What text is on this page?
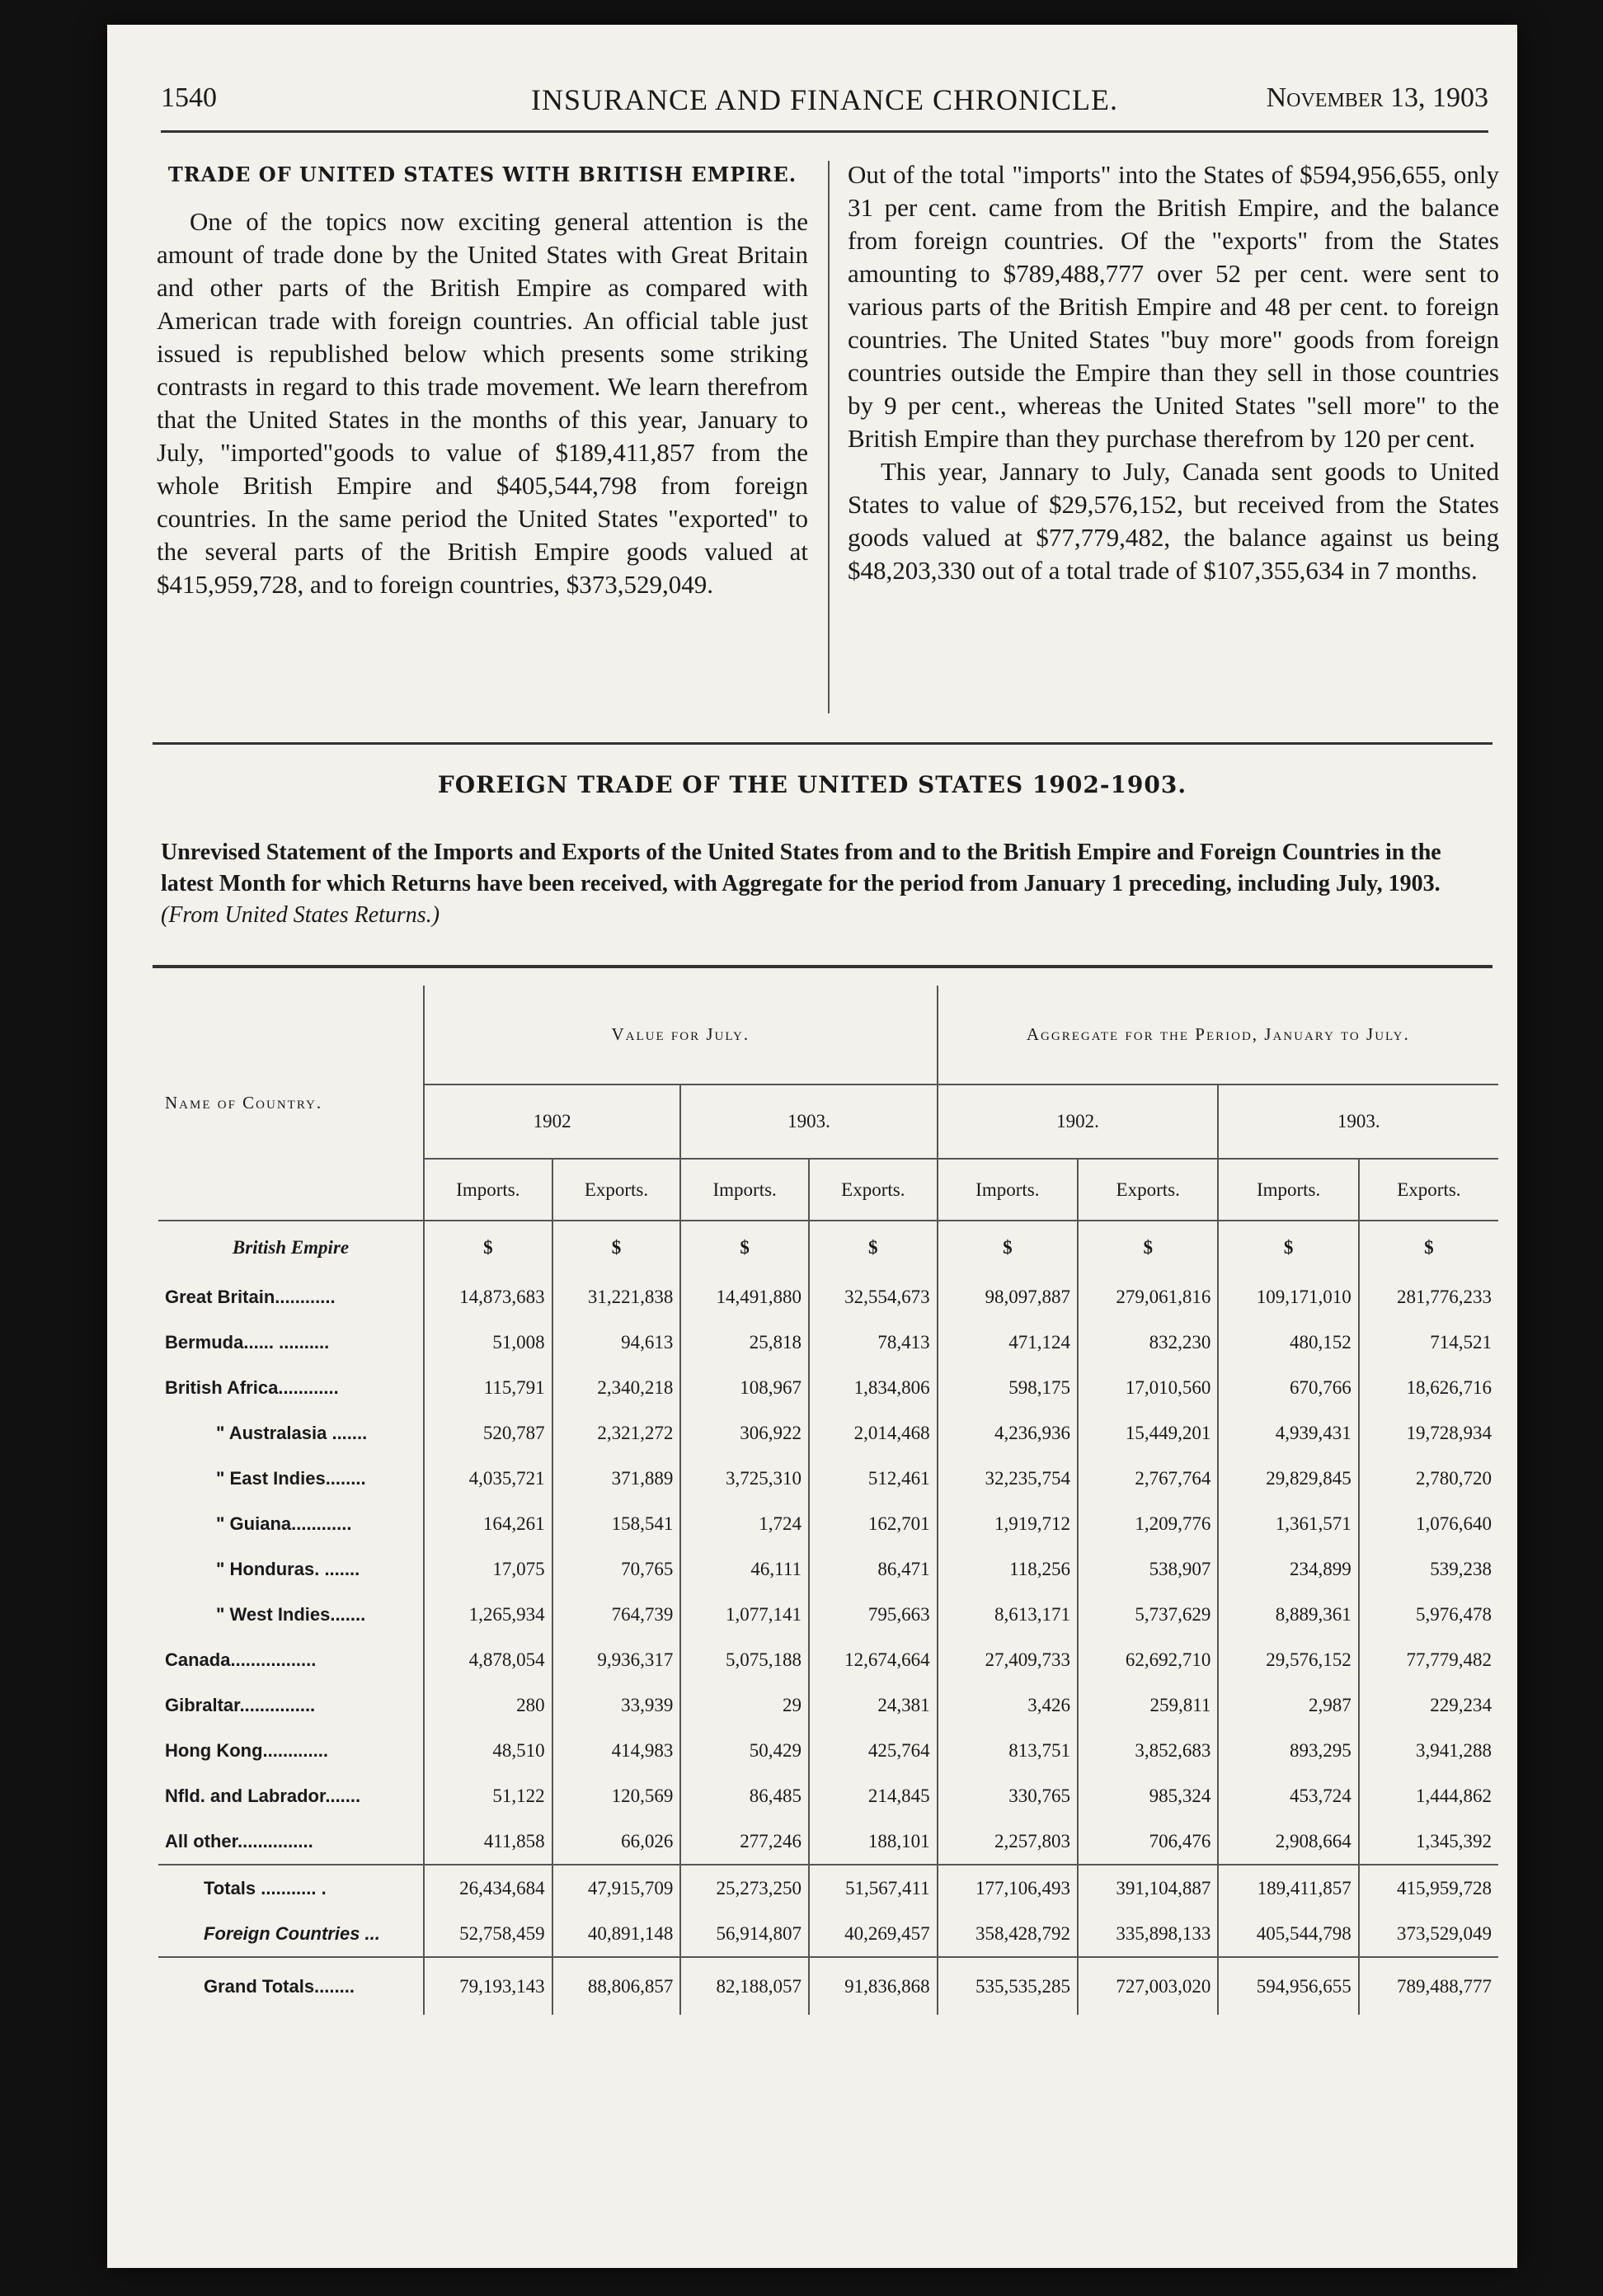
1540	INSURANCE AND FINANCE CHRONICLE.	November 13, 1903
TRADE OF UNITED STATES WITH BRITISH EMPIRE.

One of the topics now exciting general attention is the amount of trade done by the United States with Great Britain and other parts of the British Empire as compared with American trade with foreign countries. An official table just issued is republished below which presents some striking contrasts in regard to this trade movement. We learn therefrom that the United States in the months of this year, January to July, "imported"goods to value of $189,411,857 from the whole British Empire and $405,544,798 from foreign countries. In the same period the United States "exported" to the several parts of the British Empire goods valued at $415,959,728, and to foreign countries, $373,529,049.

Out of the total "imports" into the States of $594,956,655, only 31 per cent. came from the British Empire, and the balance from foreign countries. Of the "exports" from the States amounting to $789,488,777 over 52 per cent. were sent to various parts of the British Empire and 48 per cent. to foreign countries. The United States "buy more" goods from foreign countries outside the Empire than they sell in those countries by 9 per cent., whereas the United States "sell more" to the British Empire than they purchase therefrom by 120 per cent.

This year, Jannary to July, Canada sent goods to United States to value of $29,576,152, but received from the States goods valued at $77,779,482, the balance against us being $48,203,330 out of a total trade of $107,355,634 in 7 months.

FOREIGN TRADE OF THE UNITED STATES 1902-1903.
Unrevised Statement of the Imports and Exports of the United States from and to the British Empire and Foreign Countries in the latest Month for which Returns have been received, with Aggregate for the period from January 1 preceding, including July, 1903. (From United States Returns.)
Name of Country.	Value for July.				Aggregate for the Period, January to July.			
	1902		1903.		1902.		1903.	
	Imports.	Exports.	Imports.	Exports.	Imports.	Exports.	Imports.	Exports.
British Empire	$	$	$	$	$	$	$	$
Great Britain............	14,873,683	31,221,838	14,491,880	32,554,673	98,097,887	279,061,816	109,171,010	281,776,233
Bermuda...... ..........	51,008	94,613	25,818	78,413	471,124	832,230	480,152	714,521
British Africa............	115,791	2,340,218	108,967	1,834,806	598,175	17,010,560	670,766	18,626,716
" Australasia .......	520,787	2,321,272	306,922	2,014,468	4,236,936	15,449,201	4,939,431	19,728,934
" East Indies........	4,035,721	371,889	3,725,310	512,461	32,235,754	2,767,764	29,829,845	2,780,720
" Guiana............	164,261	158,541	1,724	162,701	1,919,712	1,209,776	1,361,571	1,076,640
" Honduras. .......	17,075	70,765	46,111	86,471	118,256	538,907	234,899	539,238
" West Indies.......	1,265,934	764,739	1,077,141	795,663	8,613,171	5,737,629	8,889,361	5,976,478
Canada.................	4,878,054	9,936,317	5,075,188	12,674,664	27,409,733	62,692,710	29,576,152	77,779,482
Gibraltar...............	280	33,939	29	24,381	3,426	259,811	2,987	229,234
Hong Kong.............	48,510	414,983	50,429	425,764	813,751	3,852,683	893,295	3,941,288
Nfld. and Labrador.......	51,122	120,569	86,485	214,845	330,765	985,324	453,724	1,444,862
All other...............	411,858	66,026	277,246	188,101	2,257,803	706,476	2,908,664	1,345,392
Totals ........... .	26,434,684	47,915,709	25,273,250	51,567,411	177,106,493	391,104,887	189,411,857	415,959,728
Foreign Countries ...	52,758,459	40,891,148	56,914,807	40,269,457	358,428,792	335,898,133	405,544,798	373,529,049
Grand Totals........	79,193,143	88,806,857	82,188,057	91,836,868	535,535,285	727,003,020	594,956,655	789,488,777
